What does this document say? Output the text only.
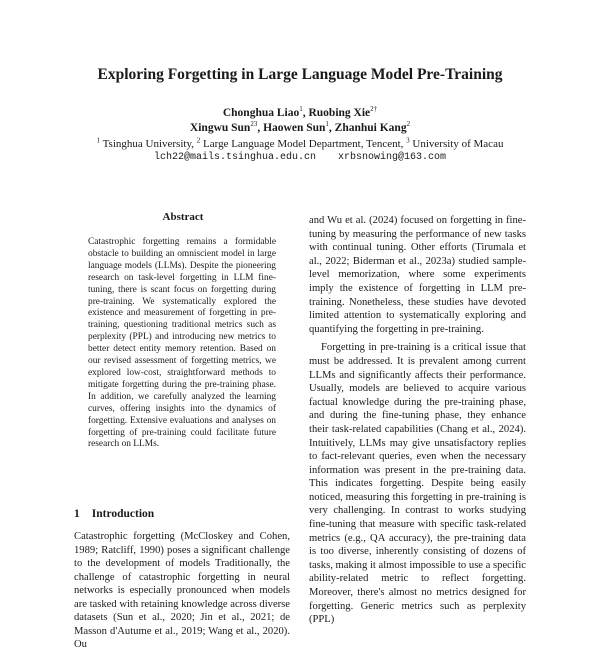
Exploring Forgetting in Large Language Model Pre-Training
Chonghua Liao$^1$, Ruobing Xie$^{2\dagger}$
Xingwu Sun$^{23}$, Haowen Sun$^1$, Zhanhui Kang$^2$
$^1$ Tsinghua University, $^2$ Large Language Model Department, Tencent, $^3$ University of Macau
lch22@mails.tsinghua.edu.cn xrbsnowing@163.com
Abstract

Catastrophic forgetting remains a formidable obstacle to building an omniscient model in large language models (LLMs). Despite the pioneering research on task-level forgetting in LLM fine-tuning, there is scant focus on forgetting during pre-training. We systematically explored the existence and measurement of forgetting in pre-training, questioning traditional metrics such as perplexity (PPL) and introducing new metrics to better detect entity memory retention. Based on our revised assessment of forgetting metrics, we explored low-cost, straightforward methods to mitigate forgetting during the pre-training phase. In addition, we carefully analyzed the learning curves, offering insights into the dynamics of forgetting. Extensive evaluations and analyses on forgetting of pre-training could facilitate future research on LLMs.

1 Introduction

Catastrophic forgetting (McCloskey and Cohen, 1989; Ratcliff, 1990) poses a significant challenge to the development of models Traditionally, the challenge of catastrophic forgetting in neural networks is especially pronounced when models are tasked with retaining knowledge across diverse datasets (Sun et al., 2020; Jin et al., 2021; de Masson d'Autume et al., 2019; Wang et al., 2020). Ou

and Wu et al. (2024) focused on forgetting in fine-tuning by measuring the performance of new tasks with continual tuning. Other efforts (Tirumala et al., 2022; Biderman et al., 2023a) studied sample-level memorization, where some experiments imply the existence of forgetting in LLM pre-training. Nonetheless, these studies have devoted limited attention to systematically exploring and quantifying the forgetting in pre-training.

Forgetting in pre-training is a critical issue that must be addressed. It is prevalent among current LLMs and significantly affects their performance. Usually, models are believed to acquire various factual knowledge during the pre-training phase, and during the fine-tuning phase, they enhance their task-related capabilities (Chang et al., 2024). Intuitively, LLMs may give unsatisfactory replies to fact-relevant queries, even when the necessary information was present in the pre-training data. This indicates forgetting. Despite being easily noticed, measuring this forgetting in pre-training is very challenging. In contrast to works studying fine-tuning that measure with specific task-related metrics (e.g., QA accuracy), the pre-training data is too diverse, inherently consisting of dozens of tasks, making it almost impossible to use a specific ability-related metric to reflect forgetting. Moreover, there's almost no metrics designed for forgetting. Generic metrics such as perplexity (PPL)
